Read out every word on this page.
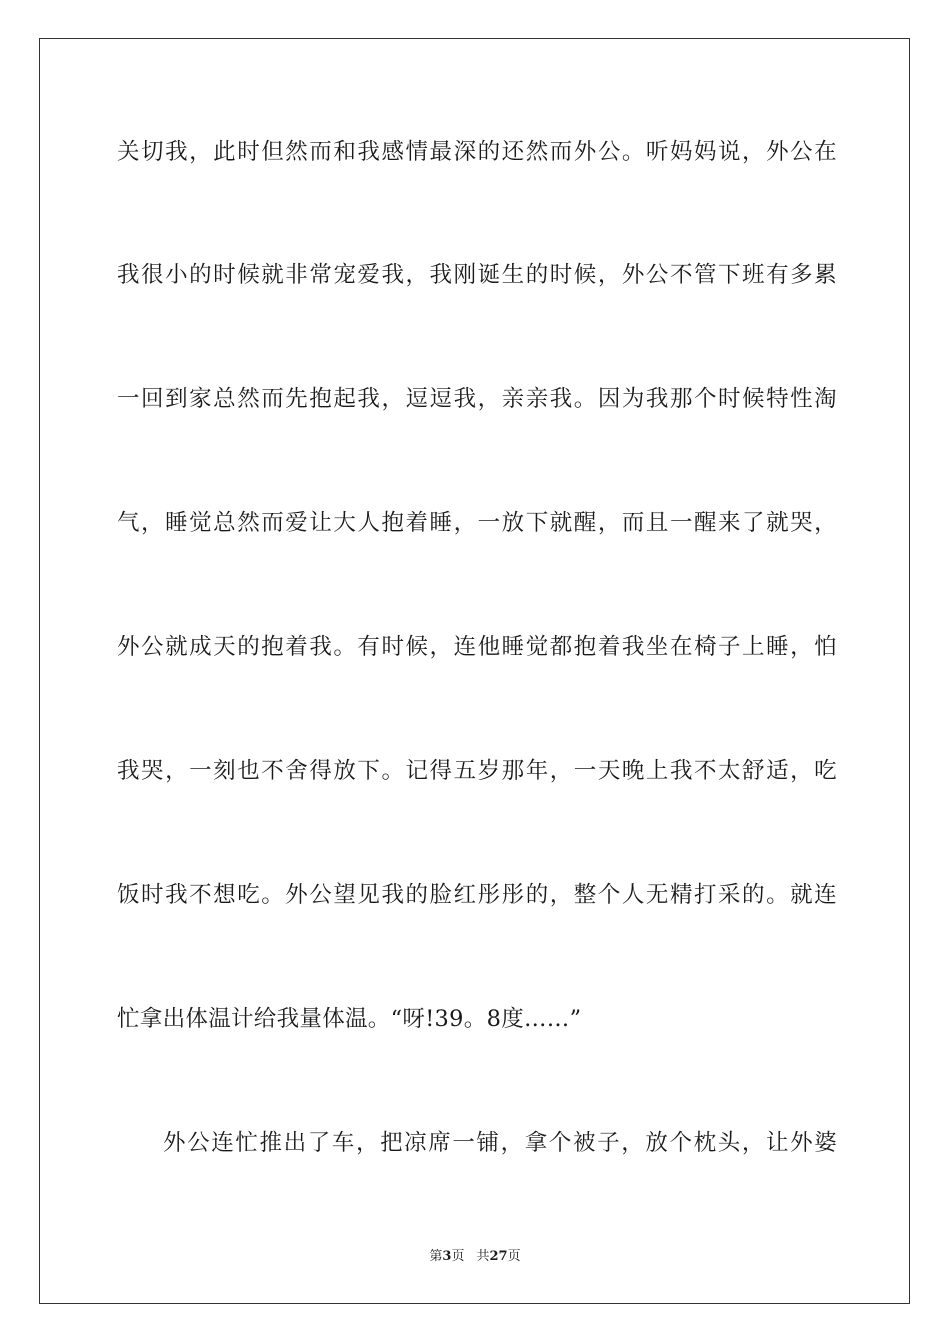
关切我，此时但然而和我感情最深的还然而外公。听妈妈说，外公在
我很小的时候就非常宠爱我，我刚诞生的时候，外公不管下班有多累
一回到家总然而先抱起我，逗逗我，亲亲我。因为我那个时候特性淘
气，睡觉总然而爱让大人抱着睡，一放下就醒，而且一醒来了就哭，
外公就成天的抱着我。有时候，连他睡觉都抱着我坐在椅子上睡，怕
我哭，一刻也不舍得放下。记得五岁那年，一天晚上我不太舒适，吃
饭时我不想吃。外公望见我的脸红彤彤的，整个人无精打采的。就连
忙拿出体温计给我量体温。“呀!39。8度……”
外公连忙推出了车，把凉席一铺，拿个被子，放个枕头，让外婆
第3页 共27页
